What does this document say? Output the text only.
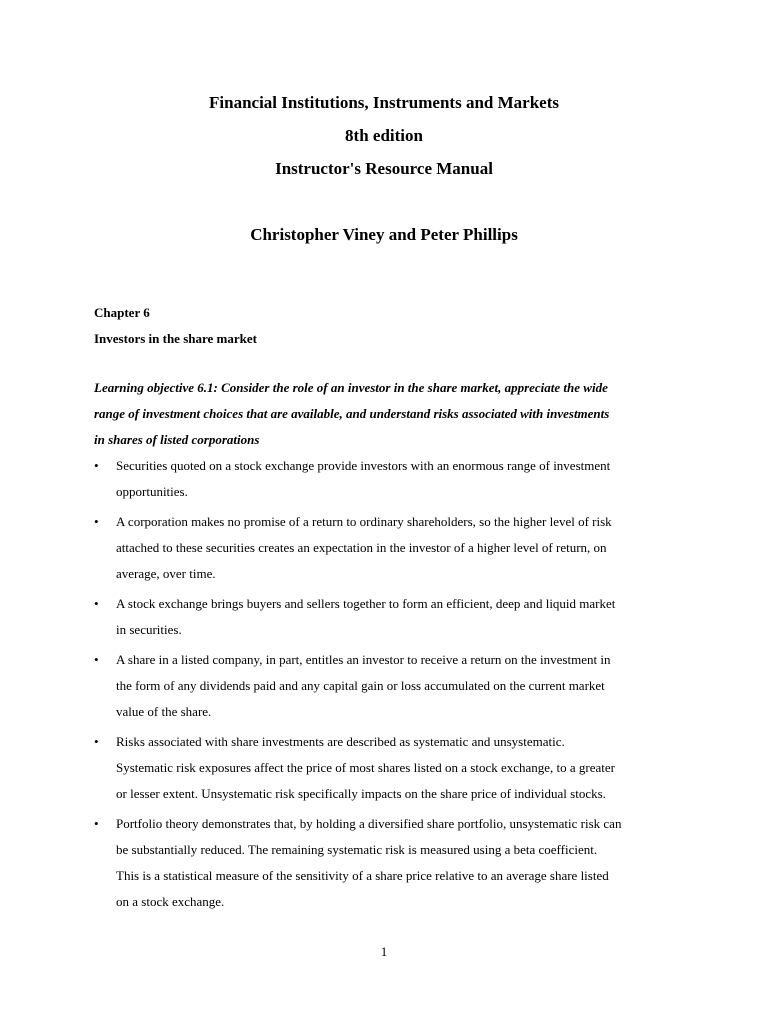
Financial Institutions, Instruments and Markets
8th edition
Instructor's Resource Manual
Christopher Viney and Peter Phillips
Chapter 6
Investors in the share market
Learning objective 6.1: Consider the role of an investor in the share market, appreciate the wide
range of investment choices that are available, and understand risks associated with investments
in shares of listed corporations
•	Securities quoted on a stock exchange provide investors with an enormous range of investment
opportunities.
•	A corporation makes no promise of a return to ordinary shareholders, so the higher level of risk
attached to these securities creates an expectation in the investor of a higher level of return, on
average, over time.
•	A stock exchange brings buyers and sellers together to form an efficient, deep and liquid market
in securities.
•	A share in a listed company, in part, entitles an investor to receive a return on the investment in
the form of any dividends paid and any capital gain or loss accumulated on the current market
value of the share.
•	Risks associated with share investments are described as systematic and unsystematic.
Systematic risk exposures affect the price of most shares listed on a stock exchange, to a greater
or lesser extent. Unsystematic risk specifically impacts on the share price of individual stocks.
•	Portfolio theory demonstrates that, by holding a diversified share portfolio, unsystematic risk can
be substantially reduced. The remaining systematic risk is measured using a beta coefficient.
This is a statistical measure of the sensitivity of a share price relative to an average share listed
on a stock exchange.
1
